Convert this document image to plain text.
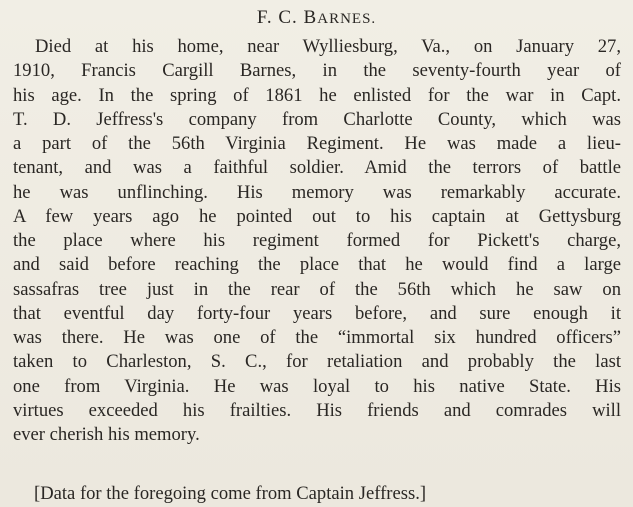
F. C. BARNES.
Died at his home, near Wylliesburg, Va., on January 27,
1910, Francis Cargill Barnes, in the seventy-fourth year of
his age. In the spring of 1861 he enlisted for the war in Capt.
T. D. Jeffress's company from Charlotte County, which was
a part of the 56th Virginia Regiment. He was made a lieu-
tenant, and was a faithful soldier. Amid the terrors of battle
he was unflinching. His memory was remarkably accurate.
A few years ago he pointed out to his captain at Gettysburg
the place where his regiment formed for Pickett's charge,
and said before reaching the place that he would find a large
sassafras tree just in the rear of the 56th which he saw on
that eventful day forty-four years before, and sure enough it
was there. He was one of the “immortal six hundred officers”
taken to Charleston, S. C., for retaliation and probably the last
one from Virginia. He was loyal to his native State. His
virtues exceeded his frailties. His friends and comrades will
ever cherish his memory.
[Data for the foregoing come from Captain Jeffress.]
